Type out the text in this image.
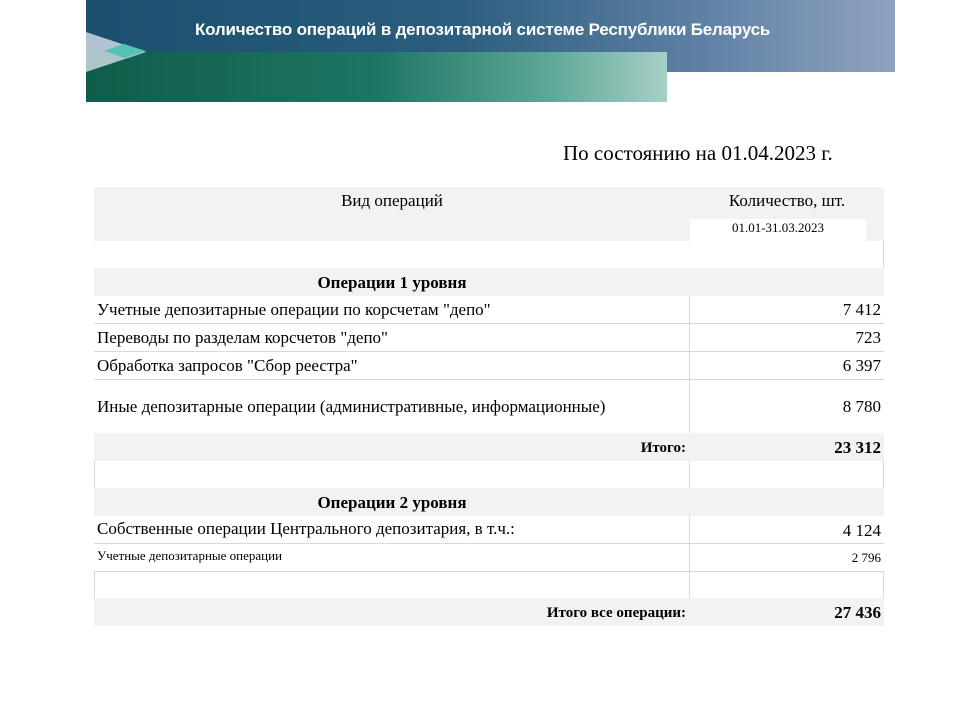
Количество операций в депозитарной системе Республики Беларусь
По состоянию на 01.04.2023 г.
Вид операций	Количество, шт.
01.01-31.03.2023
Операции 1 уровня
Учетные депозитарные операции по корсчетам "депо"	7 412
Переводы по разделам корсчетов "депо"	723
Обработка запросов "Сбор реестра"	6 397
Иные депозитарные операции (административные, информационные)	8 780
Итого:	23 312
Операции 2 уровня
Собственные операции Центрального депозитария, в т.ч.:	4 124
Учетные депозитарные операции	2 796
Итого все операции:	27 436
